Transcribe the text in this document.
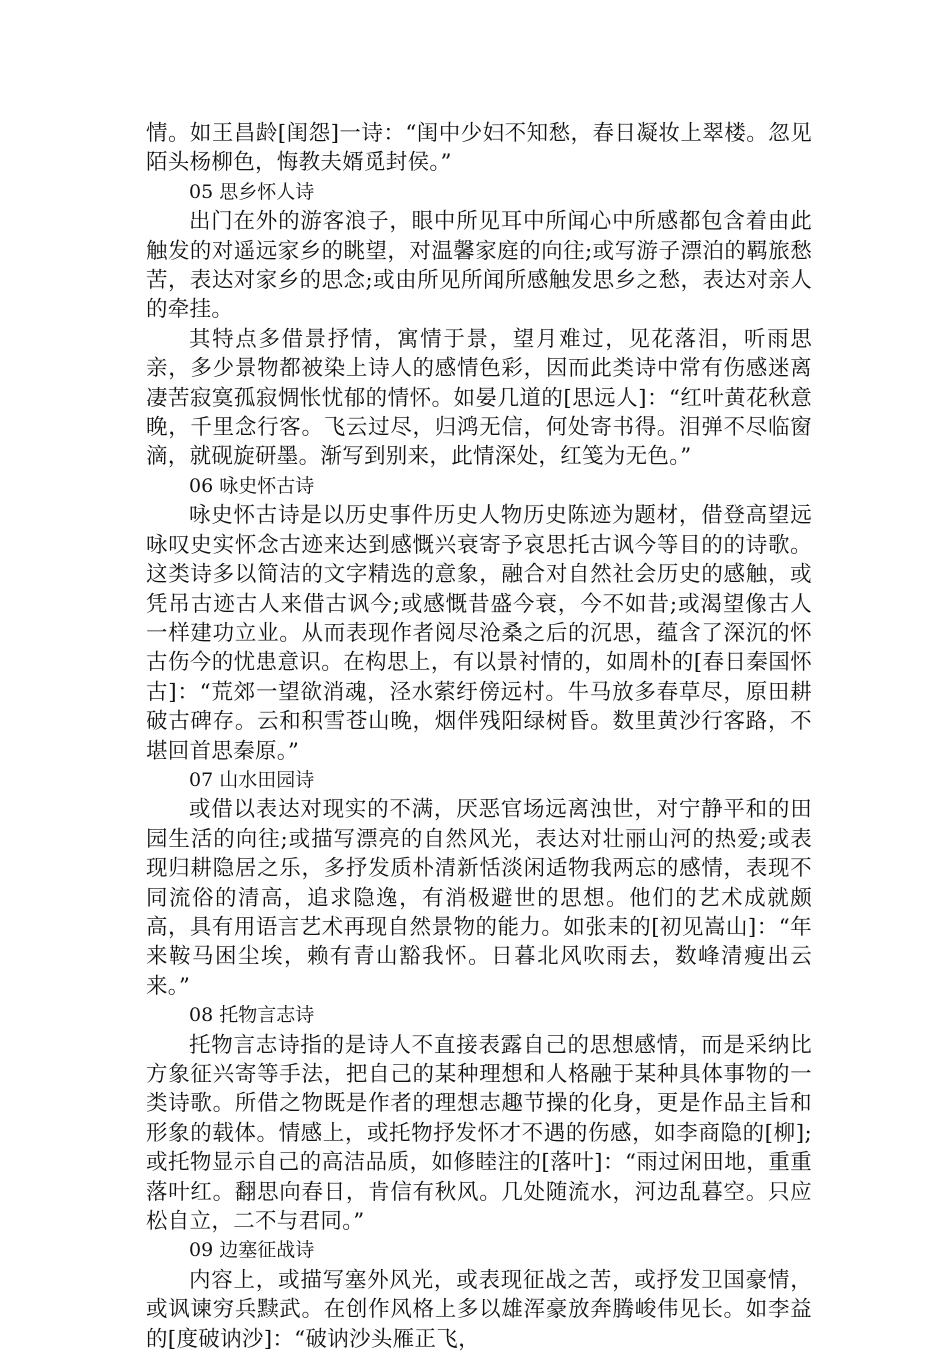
情。如王昌龄[闺怨]一诗：“闺中少妇不知愁，春日凝妆上翠楼。忽见陌头杨柳色，悔教夫婿觅封侯。”

05 思乡怀人诗

出门在外的游客浪子，眼中所见耳中所闻心中所感都包含着由此触发的对遥远家乡的眺望，对温馨家庭的向往;或写游子漂泊的羁旅愁苦，表达对家乡的思念;或由所见所闻所感触发思乡之愁，表达对亲人的牵挂。

其特点多借景抒情，寓情于景，望月难过，见花落泪，听雨思亲，多少景物都被染上诗人的感情色彩，因而此类诗中常有伤感迷离凄苦寂寞孤寂惆怅忧郁的情怀。如晏几道的[思远人]：“红叶黄花秋意晚，千里念行客。飞云过尽，归鸿无信，何处寄书得。泪弹不尽临窗滴，就砚旋研墨。渐写到别来，此情深处，红笺为无色。”

06 咏史怀古诗

咏史怀古诗是以历史事件历史人物历史陈迹为题材，借登高望远咏叹史实怀念古迹来达到感慨兴衰寄予哀思托古讽今等目的的诗歌。这类诗多以简洁的文字精选的意象，融合对自然社会历史的感触，或凭吊古迹古人来借古讽今;或感慨昔盛今衰，今不如昔;或渴望像古人一样建功立业。从而表现作者阅尽沧桑之后的沉思，蕴含了深沉的怀古伤今的忧患意识。在构思上，有以景衬情的，如周朴的[春日秦国怀古]：“荒郊一望欲消魂，泾水萦纡傍远村。牛马放多春草尽，原田耕破古碑存。云和积雪苍山晚，烟伴残阳绿树昏。数里黄沙行客路，不堪回首思秦原。”

07 山水田园诗

或借以表达对现实的不满，厌恶官场远离浊世，对宁静平和的田园生活的向往;或描写漂亮的自然风光，表达对壮丽山河的热爱;或表现归耕隐居之乐，多抒发质朴清新恬淡闲适物我两忘的感情，表现不同流俗的清高，追求隐逸，有消极避世的思想。他们的艺术成就颇高，具有用语言艺术再现自然景物的能力。如张耒的[初见嵩山]：“年来鞍马困尘埃，赖有青山豁我怀。日暮北风吹雨去，数峰清瘦出云来。”

08 托物言志诗

托物言志诗指的是诗人不直接表露自己的思想感情，而是采纳比方象征兴寄等手法，把自己的某种理想和人格融于某种具体事物的一类诗歌。所借之物既是作者的理想志趣节操的化身，更是作品主旨和形象的载体。情感上，或托物抒发怀才不遇的伤感，如李商隐的[柳];或托物显示自己的高洁品质，如修睦注的[落叶]：“雨过闲田地，重重落叶红。翻思向春日，肯信有秋风。几处随流水，河边乱暮空。只应松自立，二不与君同。”

09 边塞征战诗

内容上，或描写塞外风光，或表现征战之苦，或抒发卫国豪情，或讽谏穷兵黩武。在创作风格上多以雄浑豪放奔腾峻伟见长。如李益的[度破讷沙]：“破讷沙头雁正飞，
